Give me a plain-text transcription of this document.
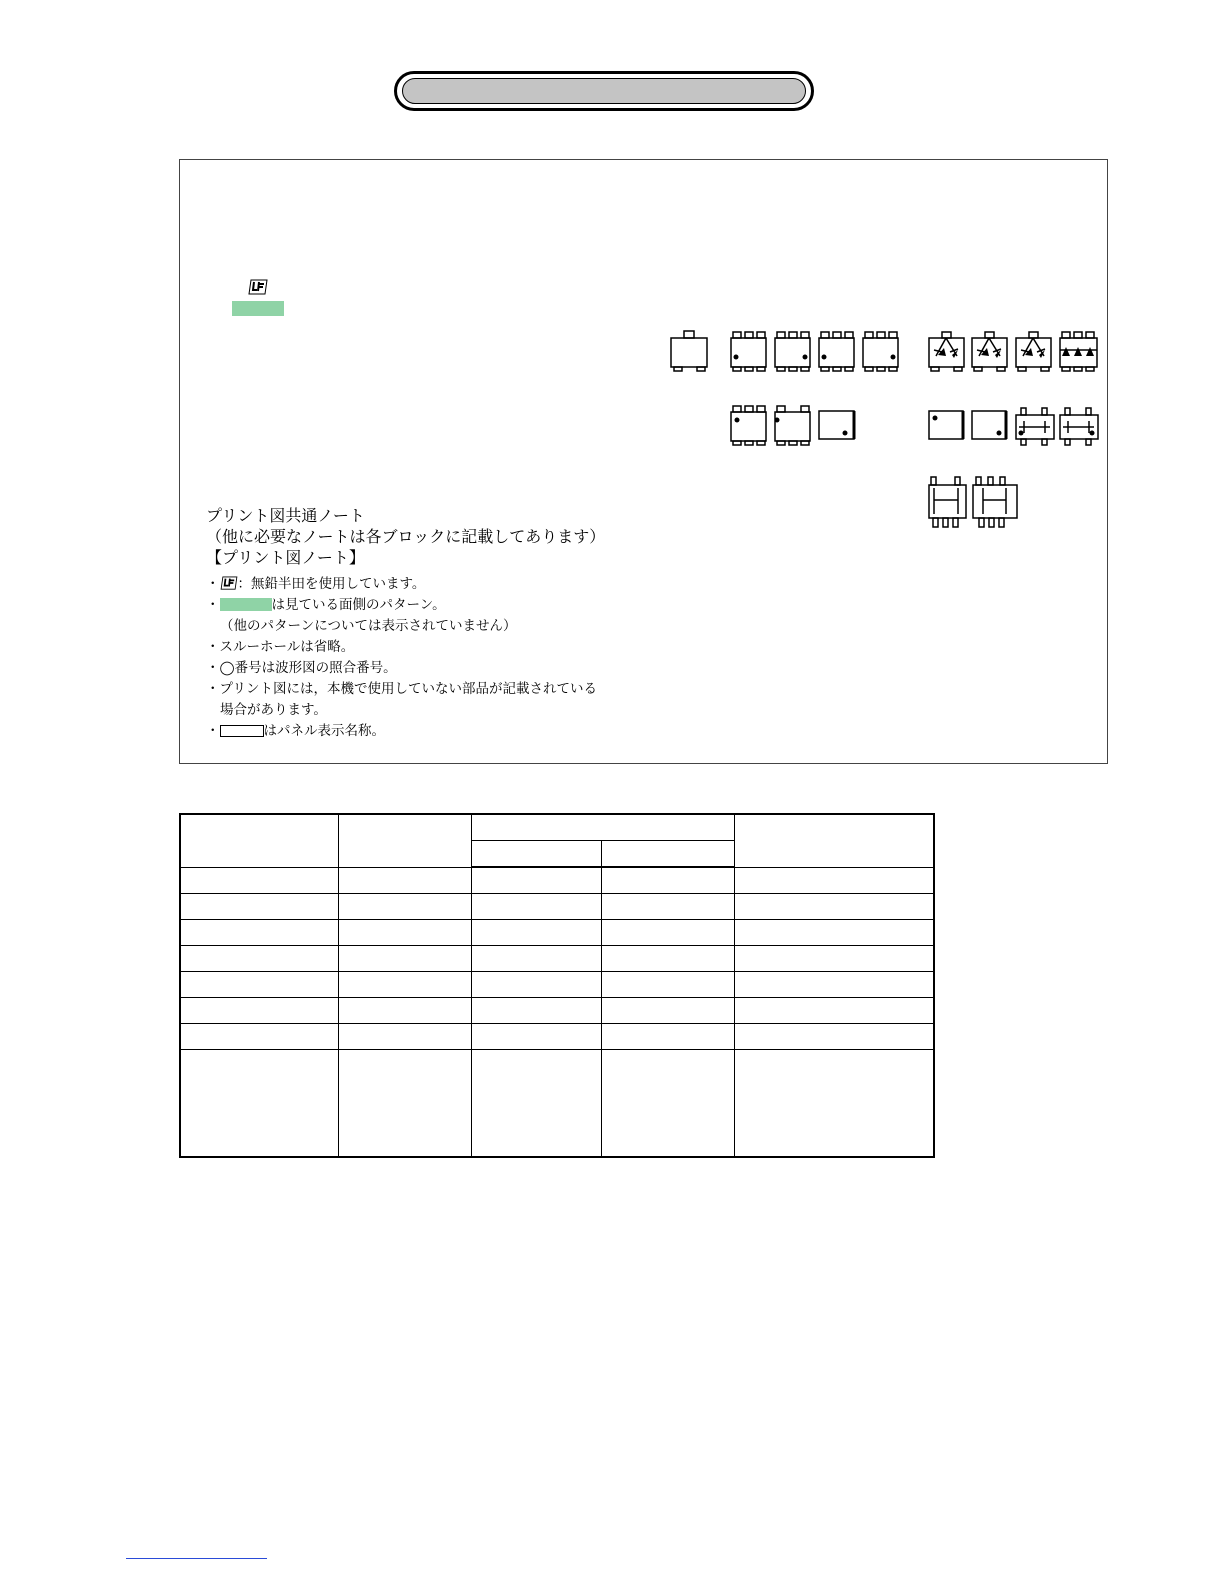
プリント図共通ノート
（他に必要なノートは各ブロックに記載してあります）
【プリント図ノート】
・ ：無鉛半田を使用しています。
・	は見ている面側のパターン。
（他のパターンについては表示されていません）
・スルーホールは省略。
・◯番号は波形図の照合番号。
・プリント図には，本機で使用していない部品が記載されている
場合があります。
・	はパネル表示名称。
